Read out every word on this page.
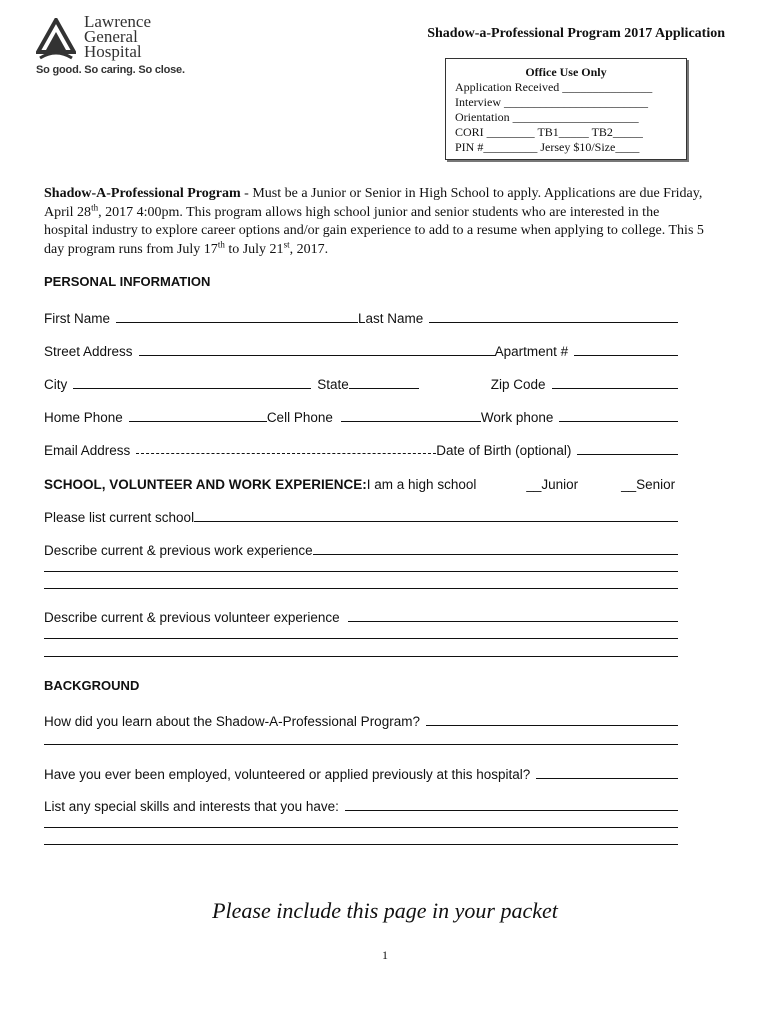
Lawrence
General
Hospital
So good. So caring. So close.
Shadow-a-Professional Program 2017 Application
Office Use Only
Application Received _______________
Interview ________________________
Orientation _____________________
CORI ________ TB1_____ TB2_____
PIN #_________ Jersey $10/Size____
Shadow-A-Professional Program - Must be a Junior or Senior in High School to apply. Applications are due Friday, April 28th, 2017 4:00pm. This program allows high school junior and senior students who are interested in the hospital industry to explore career options and/or gain experience to add to a resume when applying to college. This 5 day program runs from July 17th to July 21st, 2017.
PERSONAL INFORMATION
First Name	Last Name
Street Address	Apartment #
City	State	Zip Code
Home Phone	Cell Phone	Work phone
Email Address	Date of Birth (optional)
SCHOOL, VOLUNTEER AND WORK EXPERIENCE: I am a high school	__Junior	__Senior
Please list current school
Describe current & previous work experience
Describe current & previous volunteer experience
BACKGROUND
How did you learn about the Shadow-A-Professional Program?
Have you ever been employed, volunteered or applied previously at this hospital?
List any special skills and interests that you have:
Please include this page in your packet
1
